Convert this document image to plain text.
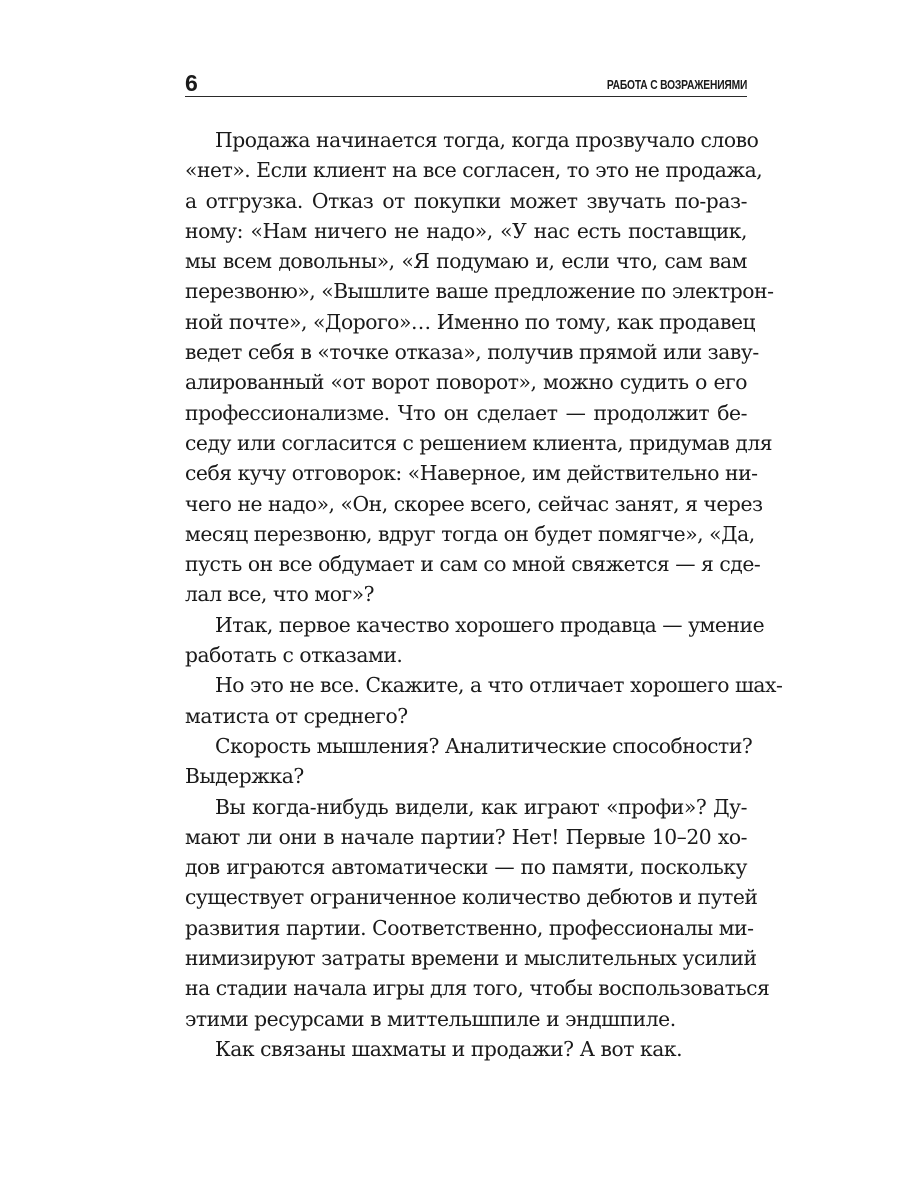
6	РАБОТА С ВОЗРАЖЕНИЯМИ
Продажа начинается тогда, когда прозвучало слово
«нет». Если клиент на все согласен, то это не продажа,
а отгрузка. Отказ от покупки может звучать по-раз-
ному: «Нам ничего не надо», «У нас есть поставщик,
мы всем довольны», «Я подумаю и, если что, сам вам
перезвоню», «Вышлите ваше предложение по электрон-
ной почте», «Дорого»… Именно по тому, как продавец
ведет себя в «точке отказа», получив прямой или заву-
алированный «от ворот поворот», можно судить о его
профессионализме. Что он сделает — продолжит бе-
седу или согласится с решением клиента, придумав для
себя кучу отговорок: «Наверное, им действительно ни-
чего не надо», «Он, скорее всего, сейчас занят, я через
месяц перезвоню, вдруг тогда он будет помягче», «Да,
пусть он все обдумает и сам со мной свяжется — я сде-
лал все, что мог»?
Итак, первое качество хорошего продавца — умение
работать с отказами.
Но это не все. Скажите, а что отличает хорошего шах-
матиста от среднего?
Скорость мышления? Аналитические способности?
Выдержка?
Вы когда-нибудь видели, как играют «профи»? Ду-
мают ли они в начале партии? Нет! Первые 10–20 хо-
дов играются автоматически — по памяти, поскольку
существует ограниченное количество дебютов и путей
развития партии. Соответственно, профессионалы ми-
нимизируют затраты времени и мыслительных усилий
на стадии начала игры для того, чтобы воспользоваться
этими ресурсами в миттельшпиле и эндшпиле.
Как связаны шахматы и продажи? А вот как.
